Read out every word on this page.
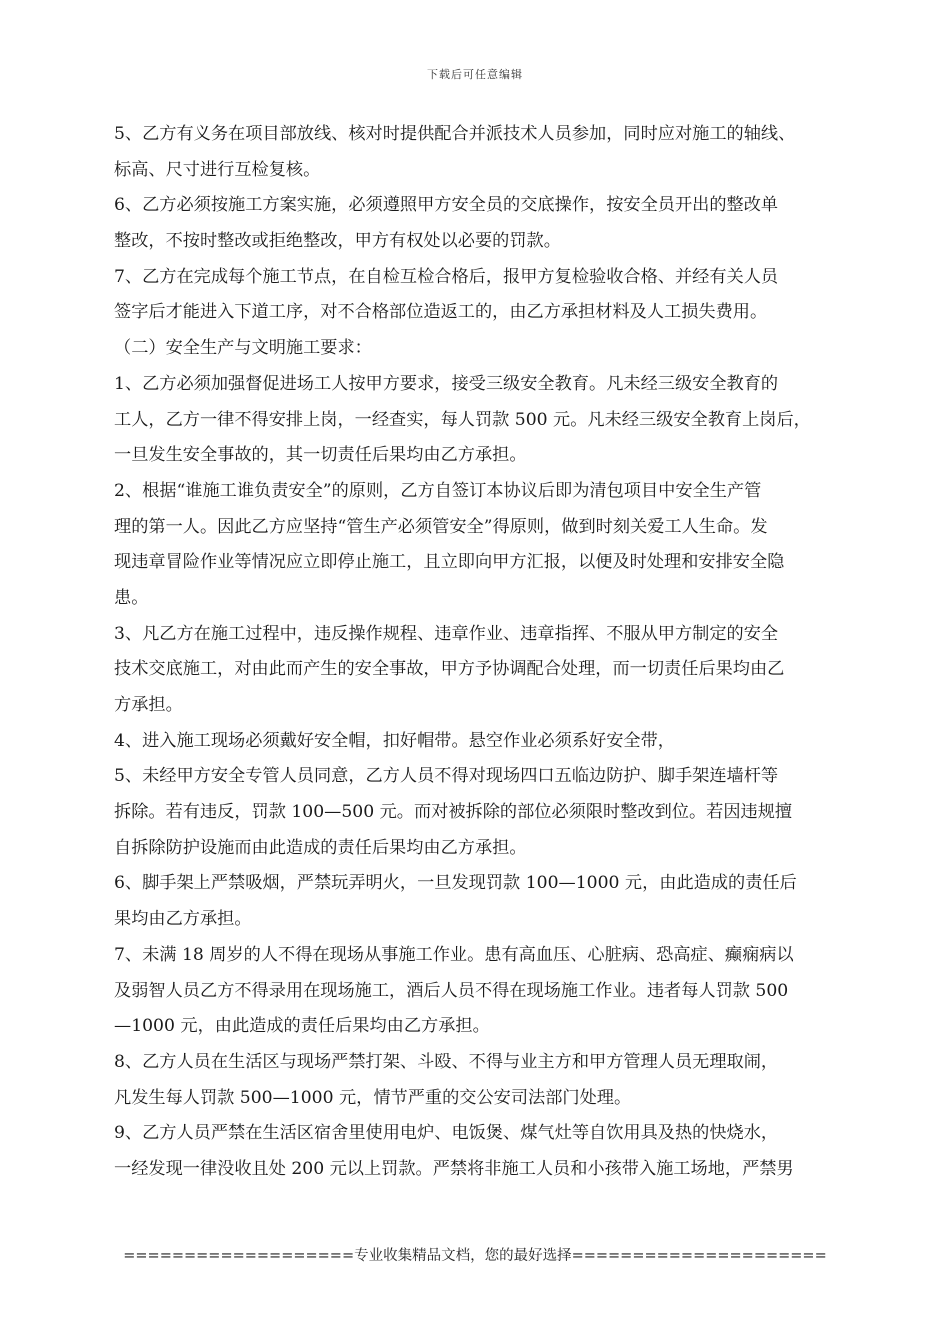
下载后可任意编辑
5、乙方有义务在项目部放线、核对时提供配合并派技术人员参加，同时应对施工的轴线、
标高、尺寸进行互检复核。
6、乙方必须按施工方案实施，必须遵照甲方安全员的交底操作，按安全员开出的整改单
整改，不按时整改或拒绝整改，甲方有权处以必要的罚款。
7、乙方在完成每个施工节点，在自检互检合格后，报甲方复检验收合格、并经有关人员
签字后才能进入下道工序，对不合格部位造返工的，由乙方承担材料及人工损失费用。
（二）安全生产与文明施工要求：
1、乙方必须加强督促进场工人按甲方要求，接受三级安全教育。凡未经三级安全教育的
工人，乙方一律不得安排上岗，一经查实，每人罚款 500 元。凡未经三级安全教育上岗后，
一旦发生安全事故的，其一切责任后果均由乙方承担。
2、根据“谁施工谁负责安全”的原则，乙方自签订本协议后即为清包项目中安全生产管
理的第一人。因此乙方应坚持“管生产必须管安全”得原则，做到时刻关爱工人生命。发
现违章冒险作业等情况应立即停止施工，且立即向甲方汇报，以便及时处理和安排安全隐
患。
3、凡乙方在施工过程中，违反操作规程、违章作业、违章指挥、不服从甲方制定的安全
技术交底施工，对由此而产生的安全事故，甲方予协调配合处理，而一切责任后果均由乙
方承担。
4、进入施工现场必须戴好安全帽，扣好帽带。悬空作业必须系好安全带，
5、未经甲方安全专管人员同意，乙方人员不得对现场四口五临边防护、脚手架连墙杆等
拆除。若有违反，罚款 100—500 元。而对被拆除的部位必须限时整改到位。若因违规擅
自拆除防护设施而由此造成的责任后果均由乙方承担。
6、脚手架上严禁吸烟，严禁玩弄明火，一旦发现罚款 100—1000 元，由此造成的责任后
果均由乙方承担。
7、未满 18 周岁的人不得在现场从事施工作业。患有高血压、心脏病、恐高症、癫痫病以
及弱智人员乙方不得录用在现场施工，酒后人员不得在现场施工作业。违者每人罚款 500
—1000 元，由此造成的责任后果均由乙方承担。
8、乙方人员在生活区与现场严禁打架、斗殴、不得与业主方和甲方管理人员无理取闹，
凡发生每人罚款 500—1000 元，情节严重的交公安司法部门处理。
9、乙方人员严禁在生活区宿舍里使用电炉、电饭煲、煤气灶等自饮用具及热的快烧水，
一经发现一律没收且处 200 元以上罚款。严禁将非施工人员和小孩带入施工场地，严禁男
===================专业收集精品文档，您的最好选择=====================
